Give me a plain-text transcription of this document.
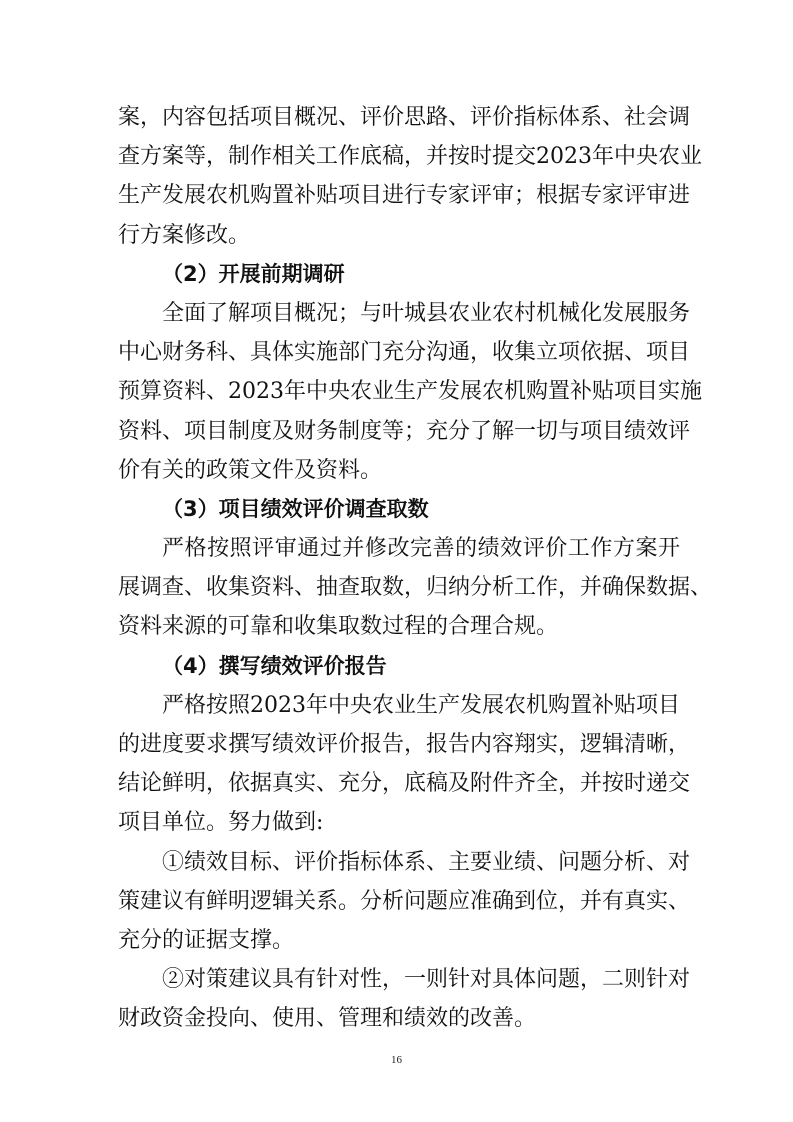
案，内容包括项目概况、评价思路、评价指标体系、社会调
查方案等，制作相关工作底稿，并按时提交2023年中央农业
生产发展农机购置补贴项目进行专家评审；根据专家评审进
行方案修改。
（2）开展前期调研
全面了解项目概况；与叶城县农业农村机械化发展服务
中心财务科、具体实施部门充分沟通，收集立项依据、项目
预算资料、2023年中央农业生产发展农机购置补贴项目实施
资料、项目制度及财务制度等；充分了解一切与项目绩效评
价有关的政策文件及资料。
（3）项目绩效评价调查取数
严格按照评审通过并修改完善的绩效评价工作方案开
展调查、收集资料、抽查取数，归纳分析工作，并确保数据、
资料来源的可靠和收集取数过程的合理合规。
（4）撰写绩效评价报告
严格按照2023年中央农业生产发展农机购置补贴项目
的进度要求撰写绩效评价报告，报告内容翔实，逻辑清晰，
结论鲜明，依据真实、充分，底稿及附件齐全，并按时递交
项目单位。努力做到:
①绩效目标、评价指标体系、主要业绩、问题分析、对
策建议有鲜明逻辑关系。分析问题应准确到位，并有真实、
充分的证据支撑。
②对策建议具有针对性，一则针对具体问题，二则针对
财政资金投向、使用、管理和绩效的改善。
16
